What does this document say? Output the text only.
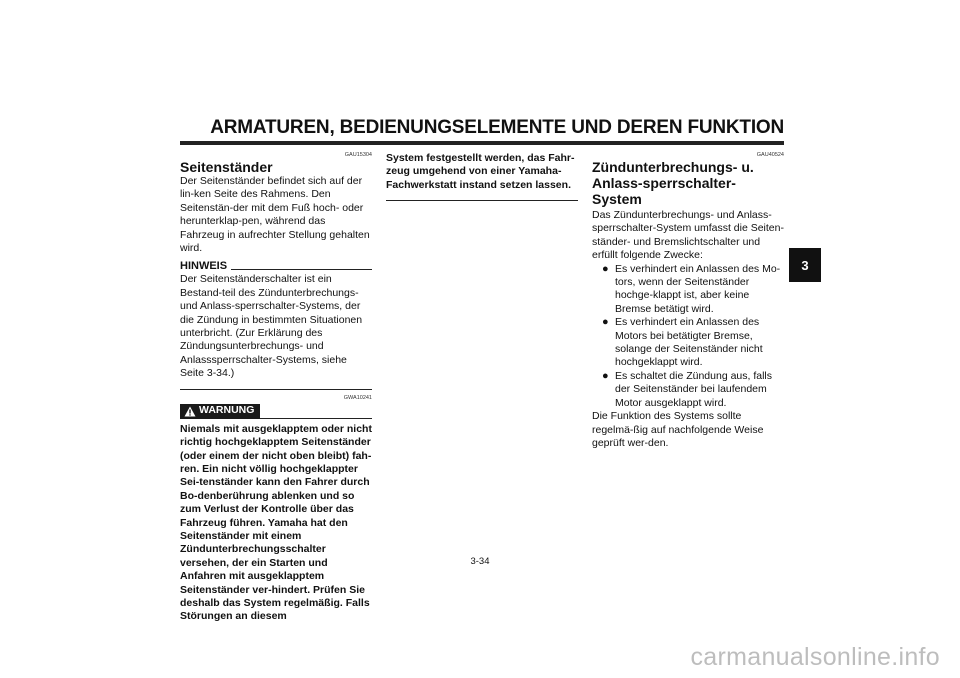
ARMATUREN, BEDIENUNGSELEMENTE UND DEREN FUNKTION
3
GAU15304
Seitenständer

Der Seitenständer befindet sich auf der lin-ken Seite des Rahmens. Den Seitenstän-der mit dem Fuß hoch- oder herunterklap-pen, während das Fahrzeug in aufrechter Stellung gehalten wird.

HINWEIS

Der Seitenständerschalter ist ein Bestand-teil des Zündunterbrechungs- und Anlass-sperrschalter-Systems, der die Zündung in bestimmten Situationen unterbricht. (Zur Erklärung des Zündungsunterbrechungs- und Anlasssperrschalter-Systems, siehe Seite 3-34.)

GWA10241
WARNUNG

Niemals mit ausgeklapptem oder nicht richtig hochgeklapptem Seitenständer (oder einem der nicht oben bleibt) fah-ren. Ein nicht völlig hochgeklappter Sei-tenständer kann den Fahrer durch Bo-denberührung ablenken und so zum Verlust der Kontrolle über das Fahrzeug führen. Yamaha hat den Seitenständer mit einem Zündunterbrechungsschalter versehen, der ein Starten und Anfahren mit ausgeklapptem Seitenständer ver-hindert. Prüfen Sie deshalb das System regelmäßig. Falls Störungen an diesem

System festgestellt werden, das Fahr-zeug umgehend von einer Yamaha-Fachwerkstatt instand setzen lassen.

GAU40524
Zündunterbrechungs- u. Anlass-sperrschalter-System

Das Zündunterbrechungs- und Anlass-sperrschalter-System umfasst die Seiten-ständer- und Bremslichtschalter und erfüllt folgende Zwecke:

● Es verhindert ein Anlassen des Mo-tors, wenn der Seitenständer hochge-klappt ist, aber keine Bremse betätigt wird.
● Es verhindert ein Anlassen des Motors bei betätigter Bremse, solange der Seitenständer nicht hochgeklappt wird.
● Es schaltet die Zündung aus, falls der Seitenständer bei laufendem Motor ausgeklappt wird.

Die Funktion des Systems sollte regelmä-ßig auf nachfolgende Weise geprüft wer-den.

3-34
carmanualsonline.info
